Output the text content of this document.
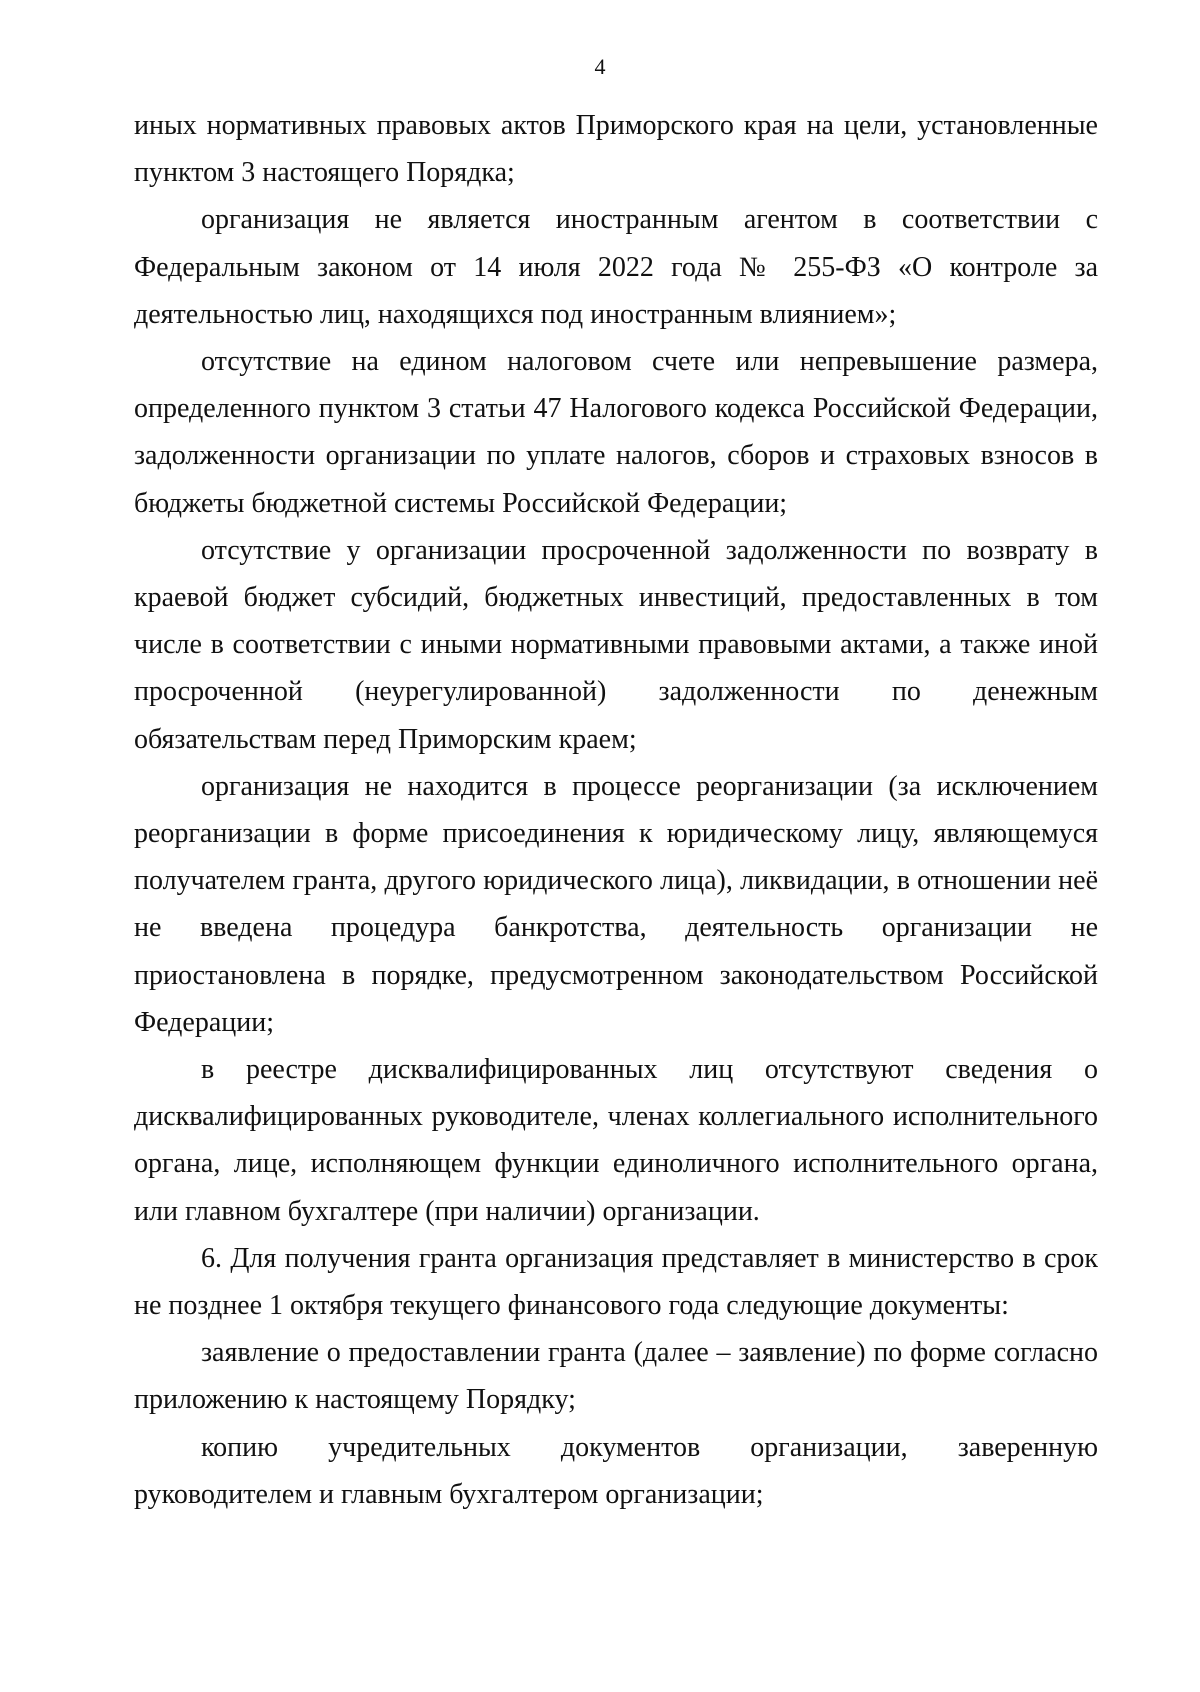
4

иных нормативных правовых актов Приморского края на цели, установленные пунктом 3 настоящего Порядка;

организация не является иностранным агентом в соответствии с Федеральным законом от 14 июля 2022 года № 255-ФЗ «О контроле за деятельностью лиц, находящихся под иностранным влиянием»;

отсутствие на едином налоговом счете или непревышение размера, определенного пунктом 3 статьи 47 Налогового кодекса Российской Федерации, задолженности организации по уплате налогов, сборов и страховых взносов в бюджеты бюджетной системы Российской Федерации;

отсутствие у организации просроченной задолженности по возврату в краевой бюджет субсидий, бюджетных инвестиций, предоставленных в том числе в соответствии с иными нормативными правовыми актами, а также иной просроченной (неурегулированной) задолженности по денежным обязательствам перед Приморским краем;

организация не находится в процессе реорганизации (за исключением реорганизации в форме присоединения к юридическому лицу, являющемуся получателем гранта, другого юридического лица), ликвидации, в отношении неё не введена процедура банкротства, деятельность организации не приостановлена в порядке, предусмотренном законодательством Российской Федерации;

в реестре дисквалифицированных лиц отсутствуют сведения о дисквалифицированных руководителе, членах коллегиального исполнительного органа, лице, исполняющем функции единоличного исполнительного органа, или главном бухгалтере (при наличии) организации.

6. Для получения гранта организация представляет в министерство в срок не позднее 1 октября текущего финансового года следующие документы:

заявление о предоставлении гранта (далее – заявление) по форме согласно приложению к настоящему Порядку;

копию учредительных документов организации, заверенную руководителем и главным бухгалтером организации;
